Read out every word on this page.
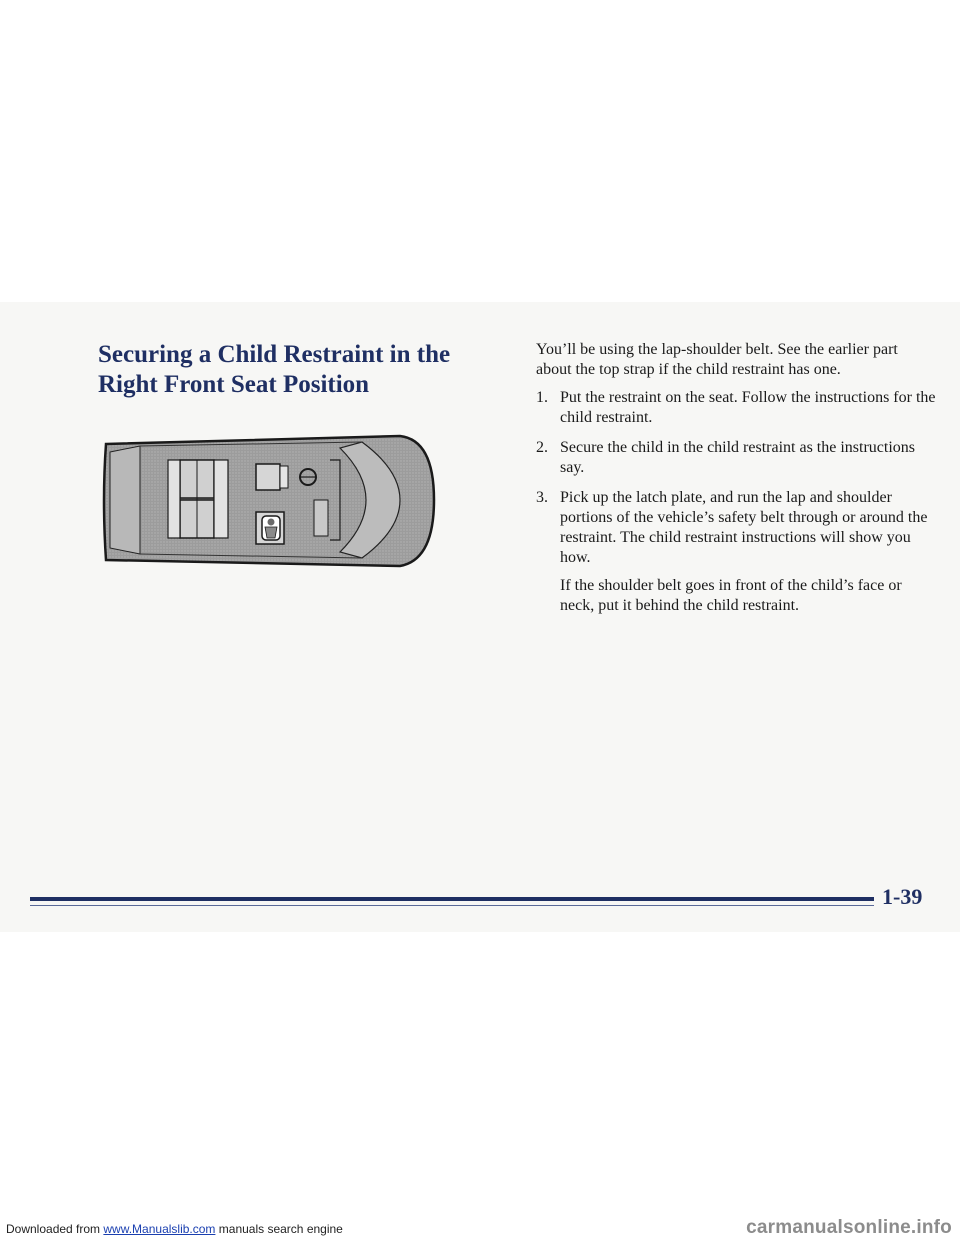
Securing a Child Restraint in the
Right Front Seat Position

You’ll be using the lap-shoulder belt. See the earlier part about the top strap if the child restraint has one.

1. Put the restraint on the seat. Follow the instructions for the child restraint.
2. Secure the child in the child restraint as the instructions say.
3. Pick up the latch plate, and run the lap and shoulder portions of the vehicle’s safety belt through or around the restraint. The child restraint instructions will show you how.

If the shoulder belt goes in front of the child’s face or neck, put it behind the child restraint.

1-39
Downloaded from www.Manualslib.com manuals search engine	carmanualsonline.info
